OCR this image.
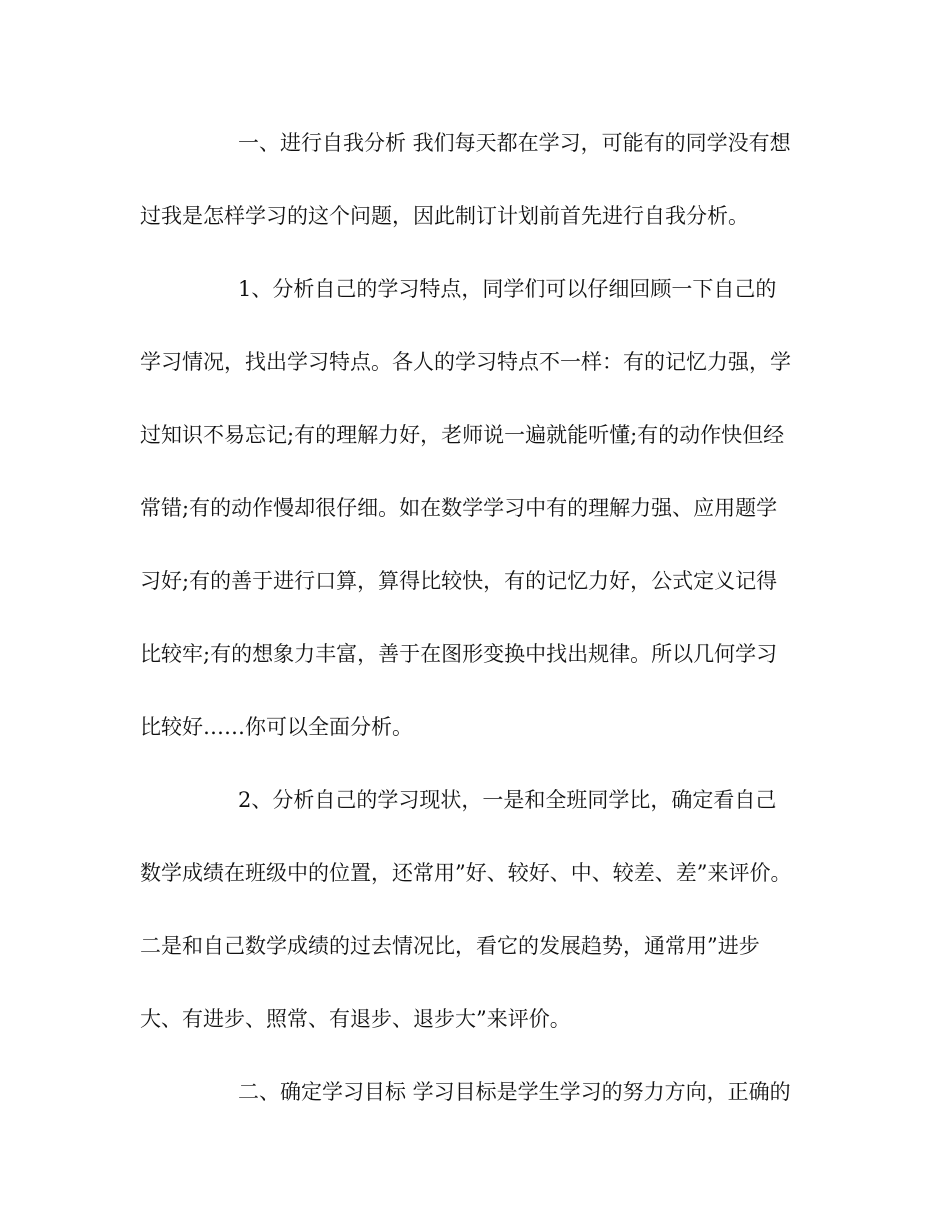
一、进行自我分析 我们每天都在学习，可能有的同学没有想
过我是怎样学习的这个问题，因此制订计划前首先进行自我分析。
1、分析自己的学习特点，同学们可以仔细回顾一下自己的
学习情况，找出学习特点。各人的学习特点不一样：有的记忆力强，学
过知识不易忘记;有的理解力好，老师说一遍就能听懂;有的动作快但经
常错;有的动作慢却很仔细。如在数学学习中有的理解力强、应用题学
习好;有的善于进行口算，算得比较快，有的记忆力好，公式定义记得
比较牢;有的想象力丰富，善于在图形变换中找出规律。所以几何学习
比较好……你可以全面分析。
2、分析自己的学习现状，一是和全班同学比，确定看自己
数学成绩在班级中的位置，还常用”好、较好、中、较差、差”来评价。
二是和自己数学成绩的过去情况比，看它的发展趋势，通常用”进步
大、有进步、照常、有退步、退步大”来评价。
二、确定学习目标 学习目标是学生学习的努力方向，正确的
